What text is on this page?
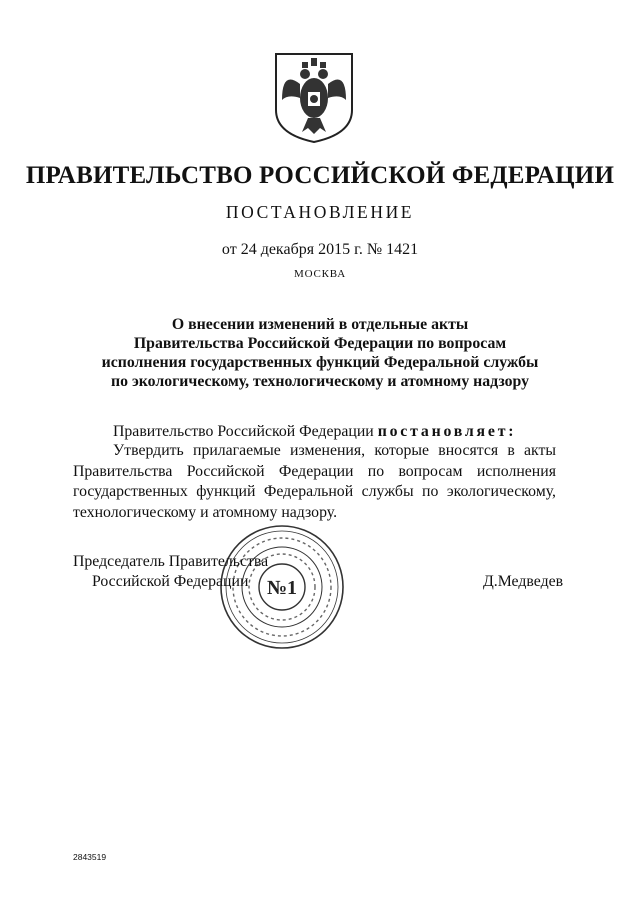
ПРАВИТЕЛЬСТВО РОССИЙСКОЙ ФЕДЕРАЦИИ
ПОСТАНОВЛЕНИЕ
от 24 декабря 2015 г. № 1421
МОСКВА
О внесении изменений в отдельные акты
Правительства Российской Федерации по вопросам
исполнения государственных функций Федеральной службы
по экологическому, технологическому и атомному надзору
Правительство Российской Федерации постановляет:
Утвердить прилагаемые изменения, которые вносятся в акты
Правительства Российской Федерации по вопросам исполнения
государственных функций Федеральной службы по экологическому,
технологическому и атомному надзору.
№1
Председатель Правительства
Российской Федерации	Д.Медведев
2843519
